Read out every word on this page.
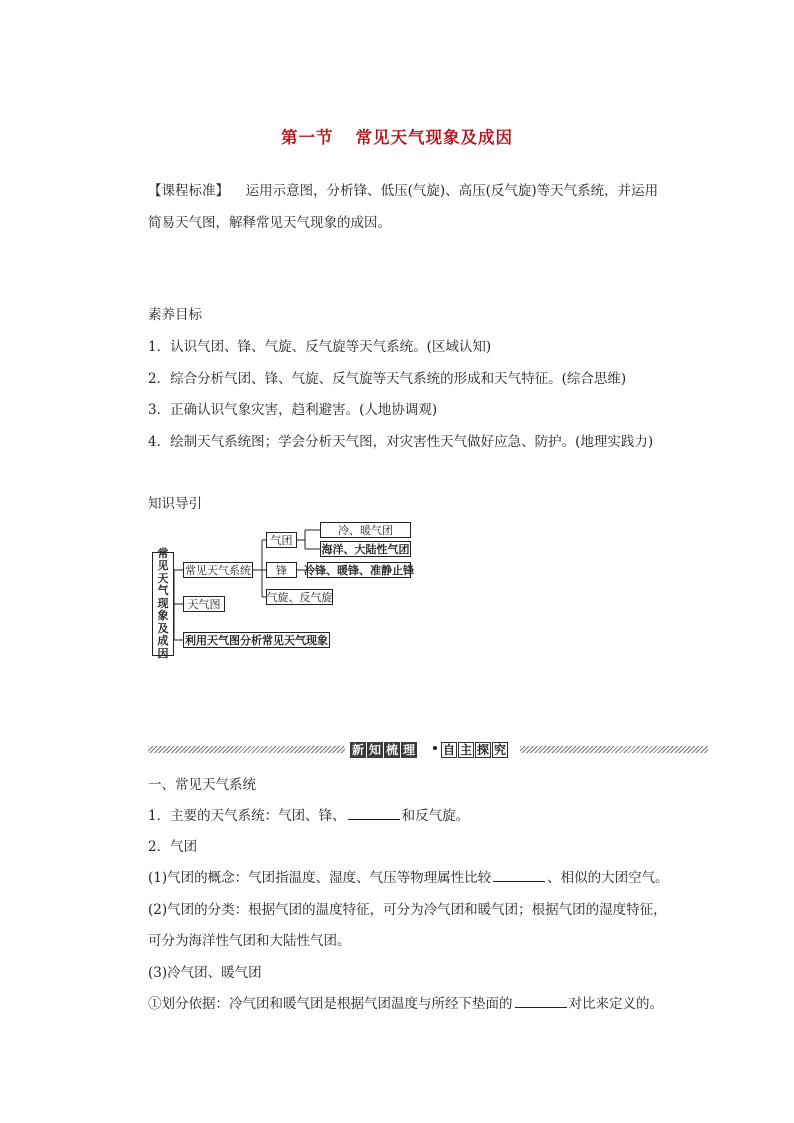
第一节 常见天气现象及成因
【课程标准】 运用示意图，分析锋、低压(气旋)、高压(反气旋)等天气系统，并运用
简易天气图，解释常见天气现象的成因。
素养目标
1．认识气团、锋、气旋、反气旋等天气系统。(区域认知)
2．综合分析气团、锋、气旋、反气旋等天气系统的形成和天气特征。(综合思维)
3．正确认识气象灾害，趋利避害。(人地协调观)
4．绘制天气系统图；学会分析天气图，对灾害性天气做好应急、防护。(地理实践力)
知识导引
常
见
天
气
现
象
及
成
因
常见天气系统
天气图
利用天气图分析常见天气现象
气团
锋
气旋、反气旋
冷、暖气团
海洋、大陆性气团
冷锋、暖锋、准静止锋
新 知 梳 理 自 主 探 究
一、常见天气系统
1．主要的天气系统：气团、锋、	和反气旋。
2．气团
(1)气团的概念：气团指温度、湿度、气压等物理属性比较	、相似的大团空气。
(2)气团的分类：根据气团的温度特征，可分为冷气团和暖气团；根据气团的湿度特征，
可分为海洋性气团和大陆性气团。
(3)冷气团、暖气团
①划分依据：冷气团和暖气团是根据气团温度与所经下垫面的	对比来定义的。
